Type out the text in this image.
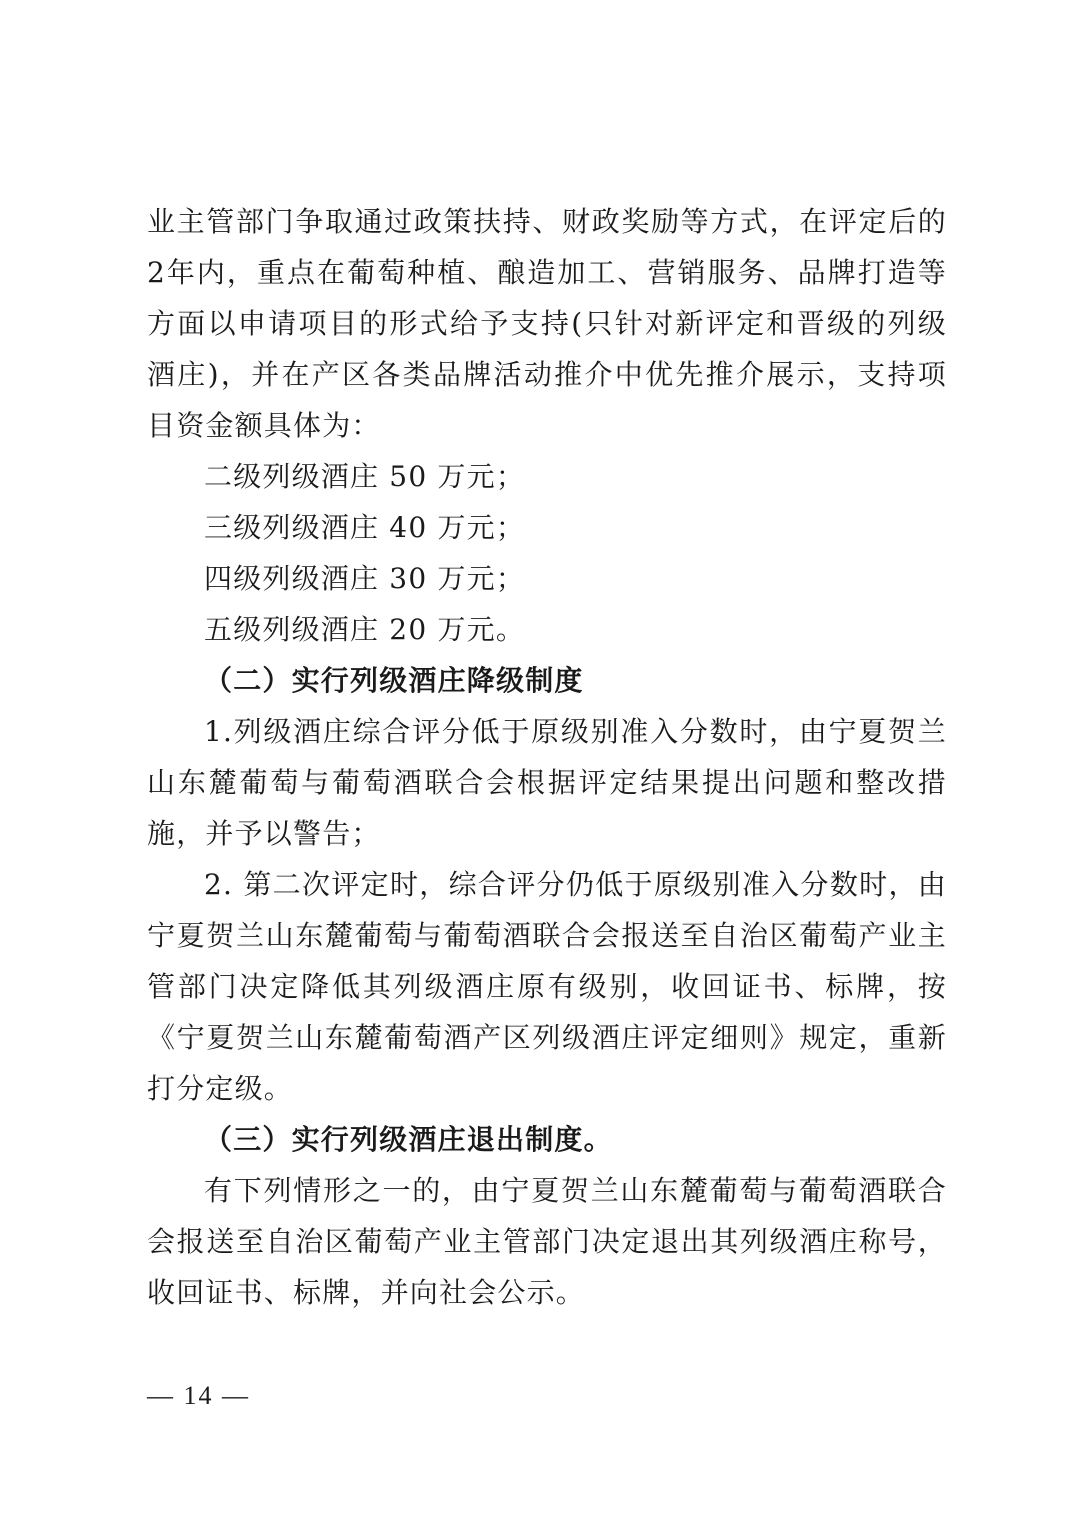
业主管部门争取通过政策扶持、财政奖励等方式，在评定后的2年内，重点在葡萄种植、酿造加工、营销服务、品牌打造等方面以申请项目的形式给予支持(只针对新评定和晋级的列级酒庄)，并在产区各类品牌活动推介中优先推介展示，支持项目资金额具体为：

二级列级酒庄 50 万元；

三级列级酒庄 40 万元；

四级列级酒庄 30 万元；

五级列级酒庄 20 万元。

（二）实行列级酒庄降级制度

1.列级酒庄综合评分低于原级别准入分数时，由宁夏贺兰山东麓葡萄与葡萄酒联合会根据评定结果提出问题和整改措施，并予以警告；

2. 第二次评定时，综合评分仍低于原级别准入分数时，由宁夏贺兰山东麓葡萄与葡萄酒联合会报送至自治区葡萄产业主管部门决定降低其列级酒庄原有级别，收回证书、标牌，按《宁夏贺兰山东麓葡萄酒产区列级酒庄评定细则》规定，重新打分定级。

（三）实行列级酒庄退出制度。

有下列情形之一的，由宁夏贺兰山东麓葡萄与葡萄酒联合会报送至自治区葡萄产业主管部门决定退出其列级酒庄称号，收回证书、标牌，并向社会公示。

— 14 —
